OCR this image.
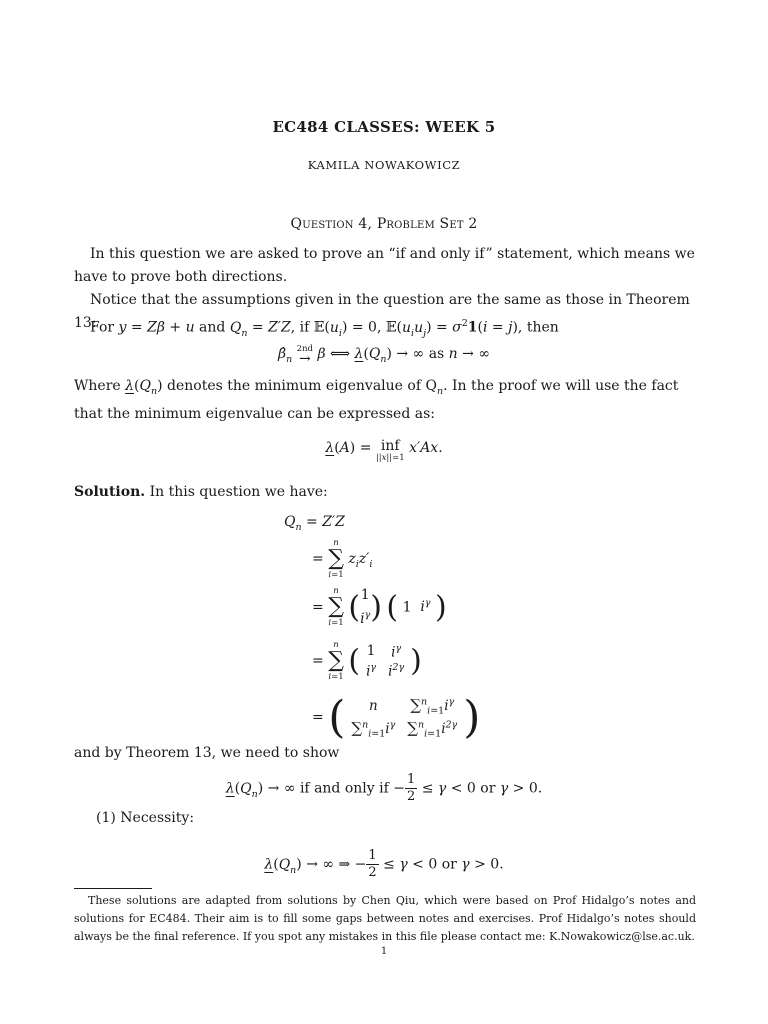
EC484 CLASSES: WEEK 5
KAMILA NOWAKOWICZ
Question 4, Problem Set 2
In this question we are asked to prove an “if and only if” statement, which means we have to prove both directions.
Notice that the assumptions given in the question are the same as those in Theorem 13:
For y = Zβ + u and $Q_n = Z'Z$, if $𝔼(u_i) = 0$, $𝔼(u_iu_j) = \sigma^21(i = j)$, then
$\betâ_n$
2nd
→ β ⟺ $\lambda(Q_n)$ → ∞ as n → ∞
Where $\lambda(Q_n)$ denotes the minimum eigenvalue of $Q_n$. In the proof we will use the fact that the minimum eigenvalue can be expressed as:
λ(A) = inf
||x||=1
x′Ax.
Solution. In this question we have:
$Q_n = Z'Z$
=
n
∑
i=1
$z_iz'_i$
=
n
∑
i=1 (1
$i^\gamma$) ( 1  $i^\gamma$ )
=
n
∑
i=1 ( 1	$i^\gamma$
$i^\gamma$	$i^{2\gamma}$ )
= ( n	$\sum^n_{i=1}i^\gamma$
$\sum^n_{i=1}i^\gamma$	$\sum^n_{i=1}i^{2\gamma}$ )
and by Theorem 13, we need to show
$\lambda(Q_n)$ → ∞ if and only if − $\frac{1}{2} \le \gamma < 0$ or γ > 0.
(1) Necessity:
$\lambda(Q_n)$ → ∞ ⇒ − $\frac{1}{2} \le \gamma < 0$ or γ > 0.
These solutions are adapted from solutions by Chen Qiu, which were based on Prof Hidalgo’s notes and solutions for EC484. Their aim is to fill some gaps between notes and exercises. Prof Hidalgo’s notes should always be the final reference. If you spot any mistakes in this file please contact me: K.Nowakowicz@lse.ac.uk.
1
